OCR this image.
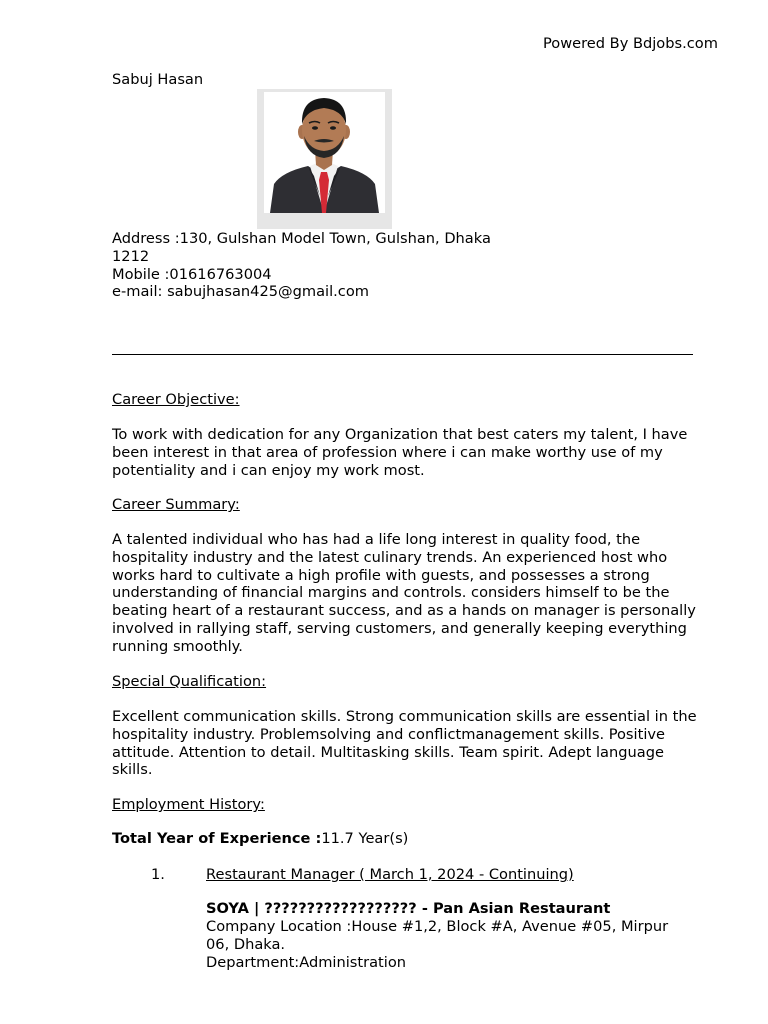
Powered By Bdjobs.com
Sabuj Hasan
Address :130, Gulshan Model Town, Gulshan, Dhaka
1212
Mobile :01616763004
e-mail: sabujhasan425@gmail.com
Career Objective:
To work with dedication for any Organization that best caters my talent, I have been interest in that area of profession where i can make worthy use of my potentiality and i can enjoy my work most.
Career Summary:
A talented individual who has had a life long interest in quality food, the hospitality industry and the latest culinary trends. An experienced host who works hard to cultivate a high profile with guests, and possesses a strong understanding of financial margins and controls. considers himself to be the beating heart of a restaurant success, and as a hands on manager is personally involved in rallying staff, serving customers, and generally keeping everything running smoothly.
Special Qualification:
Excellent communication skills. Strong communication skills are essential in the hospitality industry. Problemsolving and conflictmanagement skills. Positive attitude. Attention to detail. Multitasking skills. Team spirit. Adept language skills.
Employment History:
Total Year of Experience :11.7 Year(s)
1.	Restaurant Manager ( March 1, 2024 - Continuing)
SOYA | ?????????????????? - Pan Asian Restaurant
Company Location :House #1,2, Block #A, Avenue #05, Mirpur 06, Dhaka.
Department:Administration
